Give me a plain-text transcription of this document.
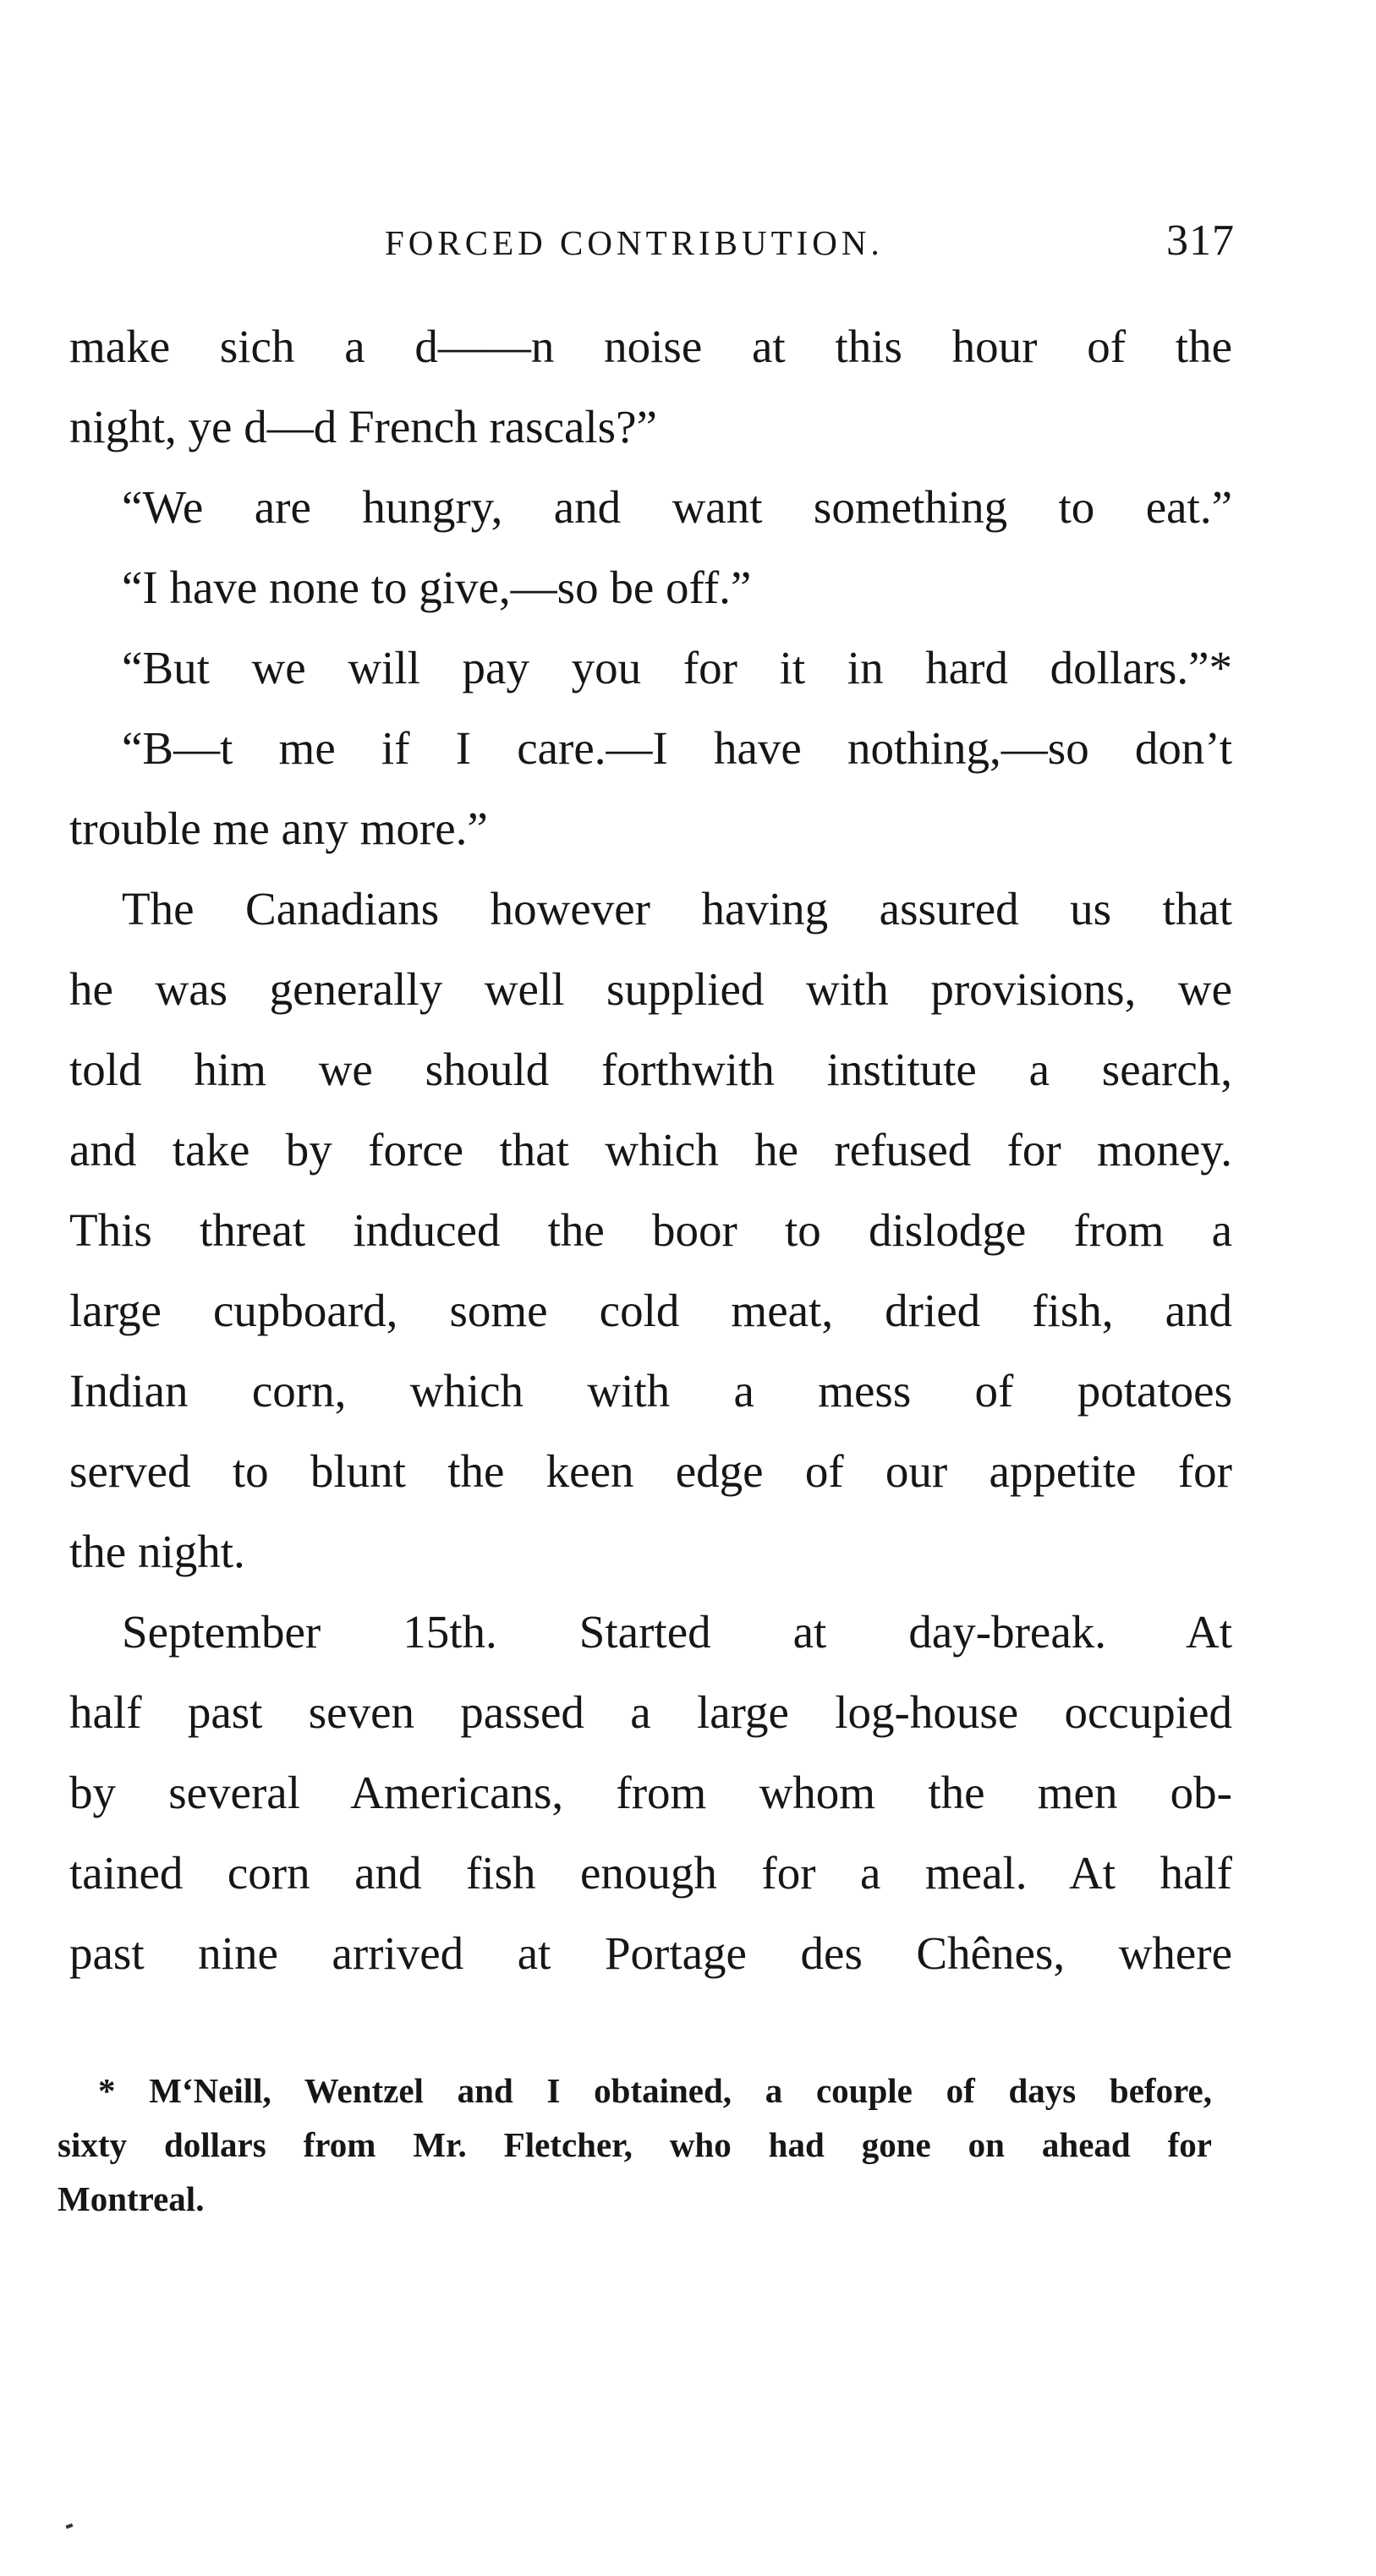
FORCED CONTRIBUTION.	317
make sich a d——n noise at this hour of the
night, ye d—d French rascals?”
“We are hungry, and want something to eat.”
“I have none to give,—so be off.”
“But we will pay you for it in hard dollars.”*
“B—t me if I care.—I have nothing,—so don’t
trouble me any more.”
The Canadians however having assured us that
he was generally well supplied with provisions, we
told him we should forthwith institute a search,
and take by force that which he refused for money.
This threat induced the boor to dislodge from a
large cupboard, some cold meat, dried fish, and
Indian corn, which with a mess of potatoes
served to blunt the keen edge of our appetite for
the night.
September 15th. Started at day-break. At
half past seven passed a large log-house occupied
by several Americans, from whom the men ob-
tained corn and fish enough for a meal. At half
past nine arrived at Portage des Chênes, where
* M‘Neill, Wentzel and I obtained, a couple of days before,
sixty dollars from Mr. Fletcher, who had gone on ahead for
Montreal.
